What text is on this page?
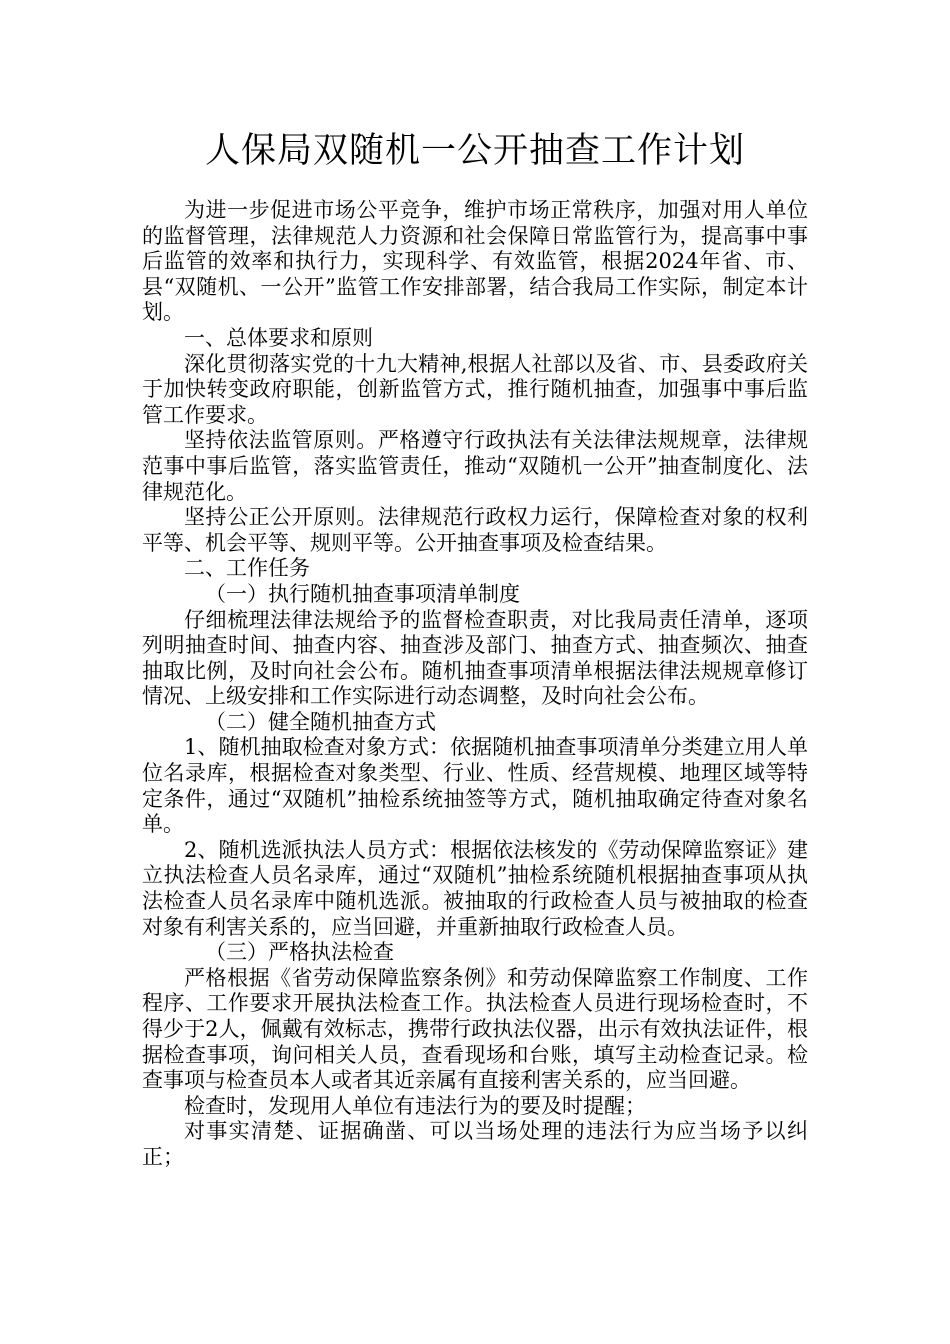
人保局双随机一公开抽查工作计划

为进一步促进市场公平竞争，维护市场正常秩序，加强对用人单位的监督管理，法律规范人力资源和社会保障日常监管行为，提高事中事后监管的效率和执行力，实现科学、有效监管，根据2024年省、市、县“双随机、一公开”监管工作安排部署，结合我局工作实际，制定本计划。

一、总体要求和原则

深化贯彻落实党的十九大精神,根据人社部以及省、市、县委政府关于加快转变政府职能，创新监管方式，推行随机抽查，加强事中事后监管工作要求。

坚持依法监管原则。严格遵守行政执法有关法律法规规章，法律规范事中事后监管，落实监管责任，推动“双随机一公开”抽查制度化、法律规范化。

坚持公正公开原则。法律规范行政权力运行，保障检查对象的权利平等、机会平等、规则平等。公开抽查事项及检查结果。

二、工作任务

（一）执行随机抽查事项清单制度

仔细梳理法律法规给予的监督检查职责，对比我局责任清单，逐项列明抽查时间、抽查内容、抽查涉及部门、抽查方式、抽查频次、抽查抽取比例，及时向社会公布。随机抽查事项清单根据法律法规规章修订情况、上级安排和工作实际进行动态调整，及时向社会公布。

（二）健全随机抽查方式

1、随机抽取检查对象方式：依据随机抽查事项清单分类建立用人单位名录库，根据检查对象类型、行业、性质、经营规模、地理区域等特定条件，通过“双随机”抽检系统抽签等方式，随机抽取确定待查对象名单。

2、随机选派执法人员方式：根据依法核发的《劳动保障监察证》建立执法检查人员名录库，通过“双随机”抽检系统随机根据抽查事项从执法检查人员名录库中随机选派。被抽取的行政检查人员与被抽取的检查对象有利害关系的，应当回避，并重新抽取行政检查人员。

（三）严格执法检查

严格根据《省劳动保障监察条例》和劳动保障监察工作制度、工作程序、工作要求开展执法检查工作。执法检查人员进行现场检查时，不得少于2人，佩戴有效标志，携带行政执法仪器，出示有效执法证件，根据检查事项，询问相关人员，查看现场和台账，填写主动检查记录。检查事项与检查员本人或者其近亲属有直接利害关系的，应当回避。

检查时，发现用人单位有违法行为的要及时提醒；

对事实清楚、证据确凿、可以当场处理的违法行为应当场予以纠正；
